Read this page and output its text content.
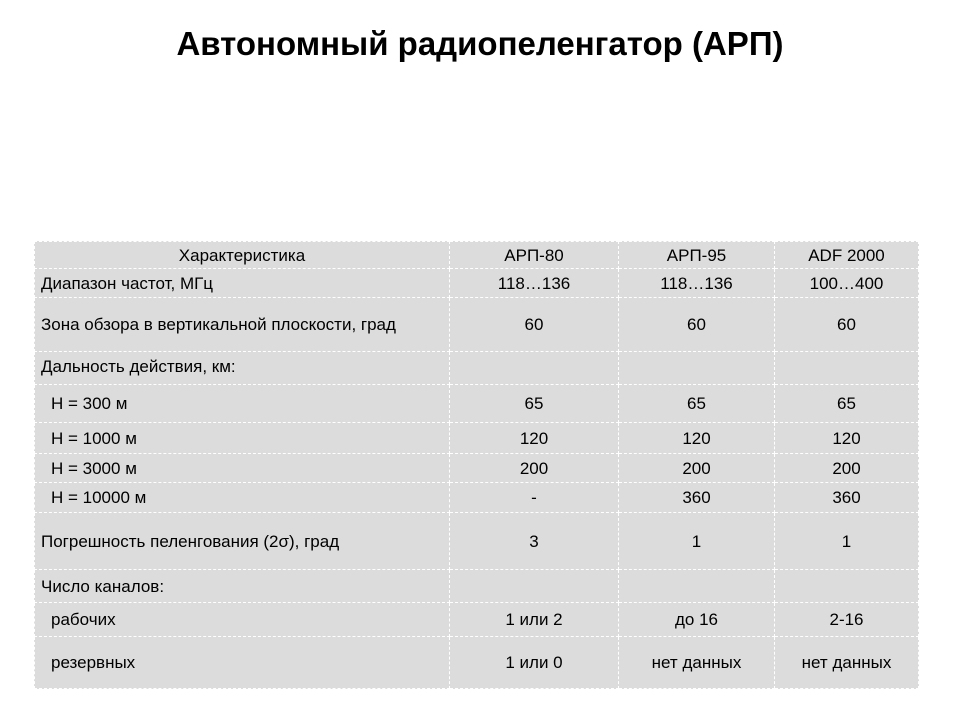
Автономный радиопеленгатор (АРП)
Характеристика	АРП-80	АРП-95	ADF 2000
Диапазон частот, МГц	118…136	118…136	100…400
Зона обзора в вертикальной плоскости, град	60	60	60
Дальность действия, км:			
Н = 300 м	65	65	65
Н = 1000 м	120	120	120
Н = 3000 м	200	200	200
Н = 10000 м	-	360	360
Погрешность пеленгования (2σ), град	3	1	1
Число каналов:			
рабочих	1 или 2	до 16	2-16
резервных	1 или 0	нет данных	нет данных
